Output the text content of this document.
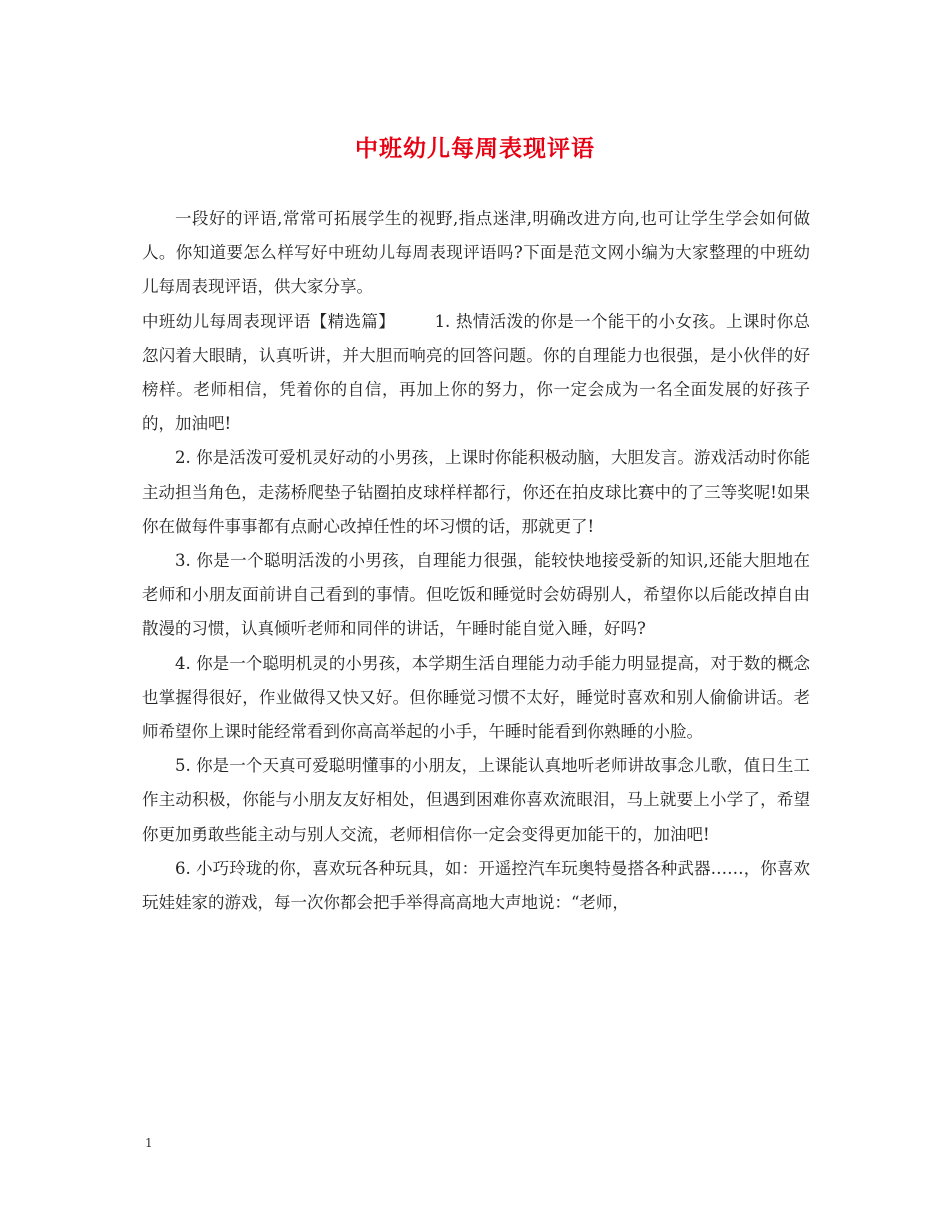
中班幼儿每周表现评语

一段好的评语,常常可拓展学生的视野,指点迷津,明确改进方向,也可让学生学会如何做人。你知道要怎么样写好中班幼儿每周表现评语吗?下面是范文网小编为大家整理的中班幼儿每周表现评语，供大家分享。

中班幼儿每周表现评语【精选篇】 1. 热情活泼的你是一个能干的小女孩。上课时你总忽闪着大眼睛，认真听讲，并大胆而响亮的回答问题。你的自理能力也很强，是小伙伴的好榜样。老师相信，凭着你的自信，再加上你的努力，你一定会成为一名全面发展的好孩子的，加油吧!

2. 你是活泼可爱机灵好动的小男孩，上课时你能积极动脑，大胆发言。游戏活动时你能主动担当角色，走荡桥爬垫子钻圈拍皮球样样都行，你还在拍皮球比赛中的了三等奖呢!如果你在做每件事事都有点耐心改掉任性的坏习惯的话，那就更了!

3. 你是一个聪明活泼的小男孩，自理能力很强，能较快地接受新的知识,还能大胆地在老师和小朋友面前讲自己看到的事情。但吃饭和睡觉时会妨碍别人，希望你以后能改掉自由散漫的习惯，认真倾听老师和同伴的讲话，午睡时能自觉入睡，好吗?

4. 你是一个聪明机灵的小男孩，本学期生活自理能力动手能力明显提高，对于数的概念也掌握得很好，作业做得又快又好。但你睡觉习惯不太好，睡觉时喜欢和别人偷偷讲话。老师希望你上课时能经常看到你高高举起的小手，午睡时能看到你熟睡的小脸。

5. 你是一个天真可爱聪明懂事的小朋友，上课能认真地听老师讲故事念儿歌，值日生工作主动积极，你能与小朋友友好相处，但遇到困难你喜欢流眼泪，马上就要上小学了，希望你更加勇敢些能主动与别人交流，老师相信你一定会变得更加能干的，加油吧!

6. 小巧玲珑的你，喜欢玩各种玩具，如：开遥控汽车玩奥特曼搭各种武器……，你喜欢玩娃娃家的游戏，每一次你都会把手举得高高地大声地说：“老师，

1
